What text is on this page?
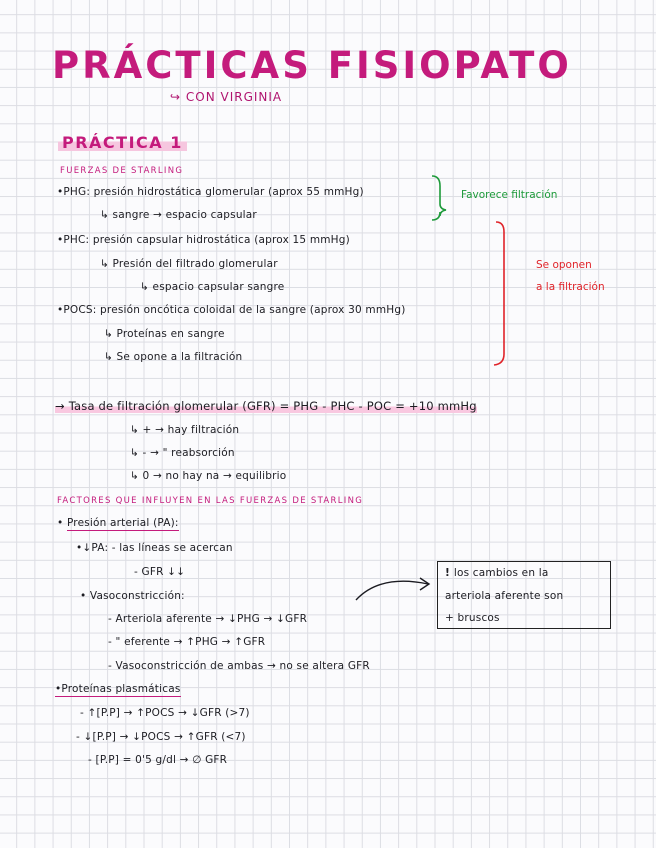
PRÁCTICAS FISIOPATO
↪ CON VIRGINIA
PRÁCTICA 1
FUERZAS DE STARLING
•PHG: presión hidrostática glomerular (aprox 55 mmHg)
↳ sangre → espacio capsular
•PHC: presión capsular hidrostática (aprox 15 mmHg)
↳ Presión del filtrado glomerular
↳ espacio capsular sangre
•POCS: presión oncótica coloidal de la sangre (aprox 30 mmHg)
↳ Proteínas en sangre
↳ Se opone a la filtración
Favorece filtración
Se oponen
a la filtración
→ Tasa de filtración glomerular (GFR) = PHG - PHC - POC = +10 mmHg
↳ + → hay filtración
↳ - → " reabsorción
↳ 0 → no hay na → equilibrio
FACTORES QUE INFLUYEN EN LAS FUERZAS DE STARLING
• Presión arterial (PA):
•↓PA: - las líneas se acercan
- GFR ↓↓
• Vasoconstricción:
- Arteriola aferente → ↓PHG → ↓GFR
- " eferente → ↑PHG → ↑GFR
- Vasoconstricción de ambas → no se altera GFR
! los cambios en la
arteriola aferente son
+ bruscos
•Proteínas plasmáticas
- ↑[P.P] → ↑POCS → ↓GFR (>7)
- ↓[P.P] → ↓POCS → ↑GFR (<7)
- [P.P] = 0'5 g/dl → ∅ GFR
